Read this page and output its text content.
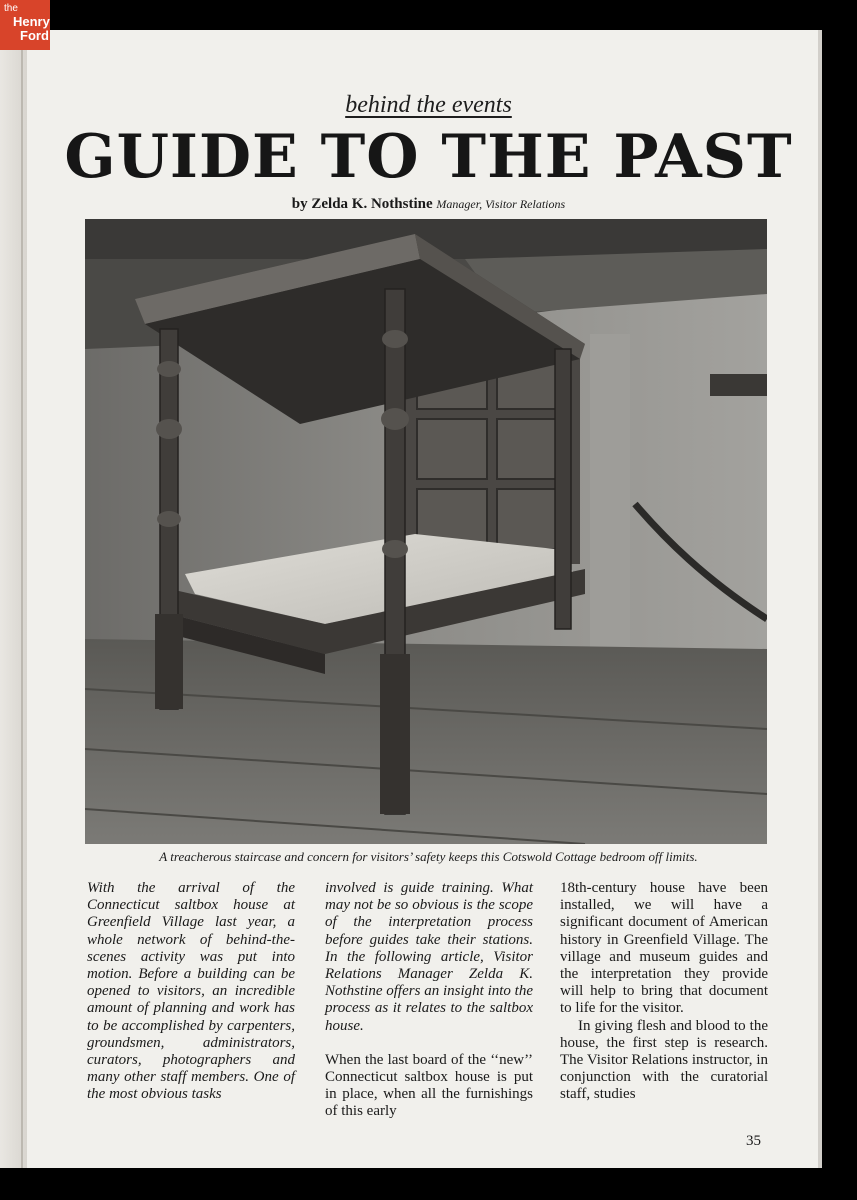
the
Henry
Ford
behind the events
GUIDE TO THE PAST
by Zelda K. Nothstine Manager, Visitor Relations
A treacherous staircase and concern for visitors’ safety keeps this Cotswold Cottage bedroom off limits.

With the arrival of the Connecticut saltbox house at Greenfield Village last year, a whole network of behind-the-scenes activity was put into motion. Before a building can be opened to visitors, an incredible amount of planning and work has to be accomplished by carpenters, groundsmen, administrators, curators, photographers and many other staff members. One of the most obvious tasks

involved is guide training. What may not be so obvious is the scope of the interpretation process before guides take their stations. In the following article, Visitor Relations Manager Zelda K. Nothstine offers an insight into the process as it relates to the saltbox house.

When the last board of the ‘‘new’’ Connecticut saltbox house is put in place, when all the furnishings of this early

18th-century house have been installed, we will have a significant document of American history in Greenfield Village. The village and museum guides and the interpretation they provide will help to bring that document to life for the visitor.

In giving flesh and blood to the house, the first step is research. The Visitor Relations instructor, in conjunction with the curatorial staff, studies

35
